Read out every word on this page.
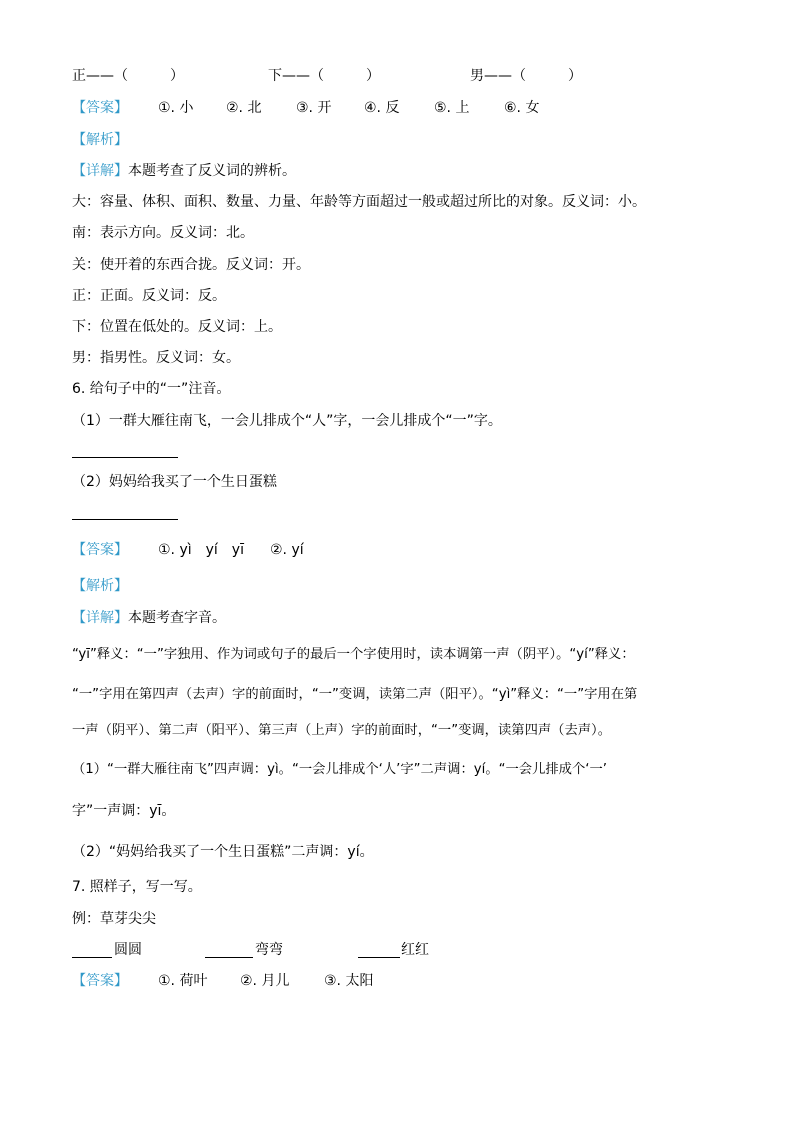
正——（　　　）	下——（　　　）	男——（　　　）
【答案】 ①. 小 ②. 北 ③. 开 ④. 反 ⑤. 上 ⑥. 女
【解析】
【详解】本题考查了反义词的辨析。
大：容量、体积、面积、数量、力量、年龄等方面超过一般或超过所比的对象。反义词：小。
南：表示方向。反义词：北。
关：使开着的东西合拢。反义词：开。
正：正面。反义词：反。
下：位置在低处的。反义词：上。
男：指男性。反义词：女。
6. 给句子中的“一”注音。
（1）一群大雁往南飞，一会儿排成个“人”字，一会儿排成个“一”字。
（2）妈妈给我买了一个生日蛋糕
【答案】 ①. yì　yí　yī ②. yí
【解析】
【详解】本题考查字音。
“yī”释义：“一”字独用、作为词或句子的最后一个字使用时，读本调第一声（阴平）。“yí”释义：
“一”字用在第四声（去声）字的前面时，“一”变调，读第二声（阳平）。“yì”释义：“一”字用在第
一声（阴平）、第二声（阳平）、第三声（上声）字的前面时，“一”变调，读第四声（去声）。
（1）“一群大雁往南飞”四声调：yì。“一会儿排成个‘人’字”二声调：yí。“一会儿排成个‘一’
字”一声调：yī。
（2）“妈妈给我买了一个生日蛋糕”二声调：yí。
7. 照样子，写一写。
例：草芽尖尖
圆圆	弯弯	红红
【答案】 ①. 荷叶 ②. 月儿 ③. 太阳
